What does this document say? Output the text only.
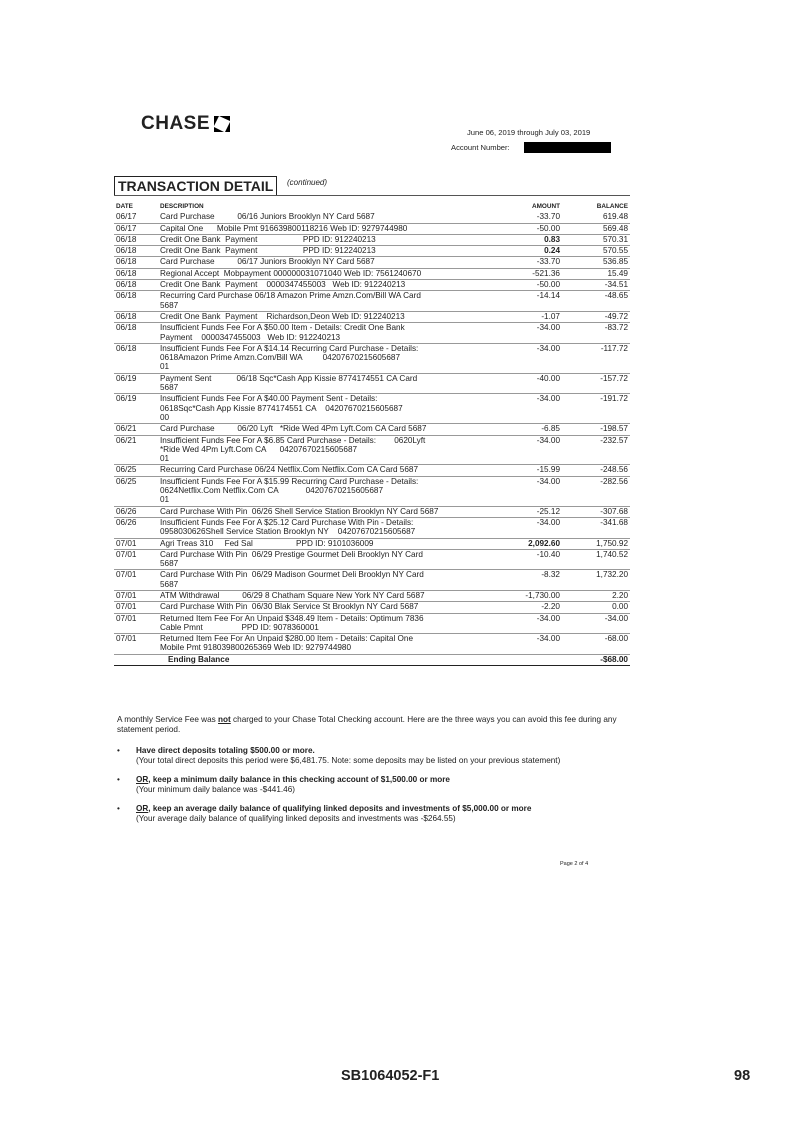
CHASE	June 06, 2019 through July 03, 2019
Account Number:
TRANSACTION DETAIL	(continued)
DATE	DESCRIPTION	AMOUNT	BALANCE
06/17	Card Purchase          06/16 Juniors Brooklyn NY Card 5687	-33.70	619.48
06/17	Capital One      Mobile Pmt 916639800118216 Web ID: 9279744980	-50.00	569.48
06/18	Credit One Bank  Payment                    PPD ID: 912240213	0.83	570.31
06/18	Credit One Bank  Payment                    PPD ID: 912240213	0.24	570.55
06/18	Card Purchase          06/17 Juniors Brooklyn NY Card 5687	-33.70	536.85
06/18	Regional Accept  Mobpayment 000000031071040 Web ID: 7561240670	-521.36	15.49
06/18	Credit One Bank  Payment    0000347455003   Web ID: 912240213	-50.00	-34.51
06/18	Recurring Card Purchase 06/18 Amazon Prime Amzn.Com/Bill WA Card
5687	-14.14	-48.65
06/18	Credit One Bank  Payment    Richardson,Deon Web ID: 912240213	-1.07	-49.72
06/18	Insufficient Funds Fee For A $50.00 Item - Details: Credit One Bank
Payment    0000347455003   Web ID: 912240213	-34.00	-83.72
06/18	Insufficient Funds Fee For A $14.14 Recurring Card Purchase - Details:
0618Amazon Prime Amzn.Com/Bill WA         04207670215605687
01	-34.00	-117.72
06/19	Payment Sent           06/18 Sqc*Cash App Kissie 8774174551 CA Card
5687	-40.00	-157.72
06/19	Insufficient Funds Fee For A $40.00 Payment Sent - Details:
0618Sqc*Cash App Kissie 8774174551 CA    04207670215605687
00	-34.00	-191.72
06/21	Card Purchase          06/20 Lyft   *Ride Wed 4Pm Lyft.Com CA Card 5687	-6.85	-198.57
06/21	Insufficient Funds Fee For A $6.85 Card Purchase - Details:        0620Lyft
*Ride Wed 4Pm Lyft.Com CA      04207670215605687
01	-34.00	-232.57
06/25	Recurring Card Purchase 06/24 Netflix.Com Netflix.Com CA Card 5687	-15.99	-248.56
06/25	Insufficient Funds Fee For A $15.99 Recurring Card Purchase - Details:
0624Netflix.Com Netflix.Com CA            04207670215605687
01	-34.00	-282.56
06/26	Card Purchase With Pin  06/26 Shell Service Station Brooklyn NY Card 5687	-25.12	-307.68
06/26	Insufficient Funds Fee For A $25.12 Card Purchase With Pin - Details:
0958030626Shell Service Station Brooklyn NY    04207670215605687	-34.00	-341.68
07/01	Agri Treas 310     Fed Sal                   PPD ID: 9101036009	2,092.60	1,750.92
07/01	Card Purchase With Pin  06/29 Prestige Gourmet Deli Brooklyn NY Card
5687	-10.40	1,740.52
07/01	Card Purchase With Pin  06/29 Madison Gourmet Deli Brooklyn NY Card
5687	-8.32	1,732.20
07/01	ATM Withdrawal          06/29 8 Chatham Square New York NY Card 5687	-1,730.00	2.20
07/01	Card Purchase With Pin  06/30 Blak Service St Brooklyn NY Card 5687	-2.20	0.00
07/01	Returned Item Fee For An Unpaid $348.49 Item - Details: Optimum 7836
Cable Pmnt                 PPD ID: 9078360001	-34.00	-34.00
07/01	Returned Item Fee For An Unpaid $280.00 Item - Details: Capital One
Mobile Pmt 918039800265369 Web ID: 9279744980	-34.00	-68.00
	Ending Balance		-$68.00

A monthly Service Fee was not charged to your Chase Total Checking account. Here are the three ways you can avoid this fee during any statement period.

• Have direct deposits totaling $500.00 or more.
(Your total direct deposits this period were $6,481.75. Note: some deposits may be listed on your previous statement)
• OR, keep a minimum daily balance in this checking account of $1,500.00 or more
(Your minimum daily balance was -$441.46)
• OR, keep an average daily balance of qualifying linked deposits and investments of $5,000.00 or more
(Your average daily balance of qualifying linked deposits and investments was -$264.55)
Page 2 of 4
SB1064052-F1	98
